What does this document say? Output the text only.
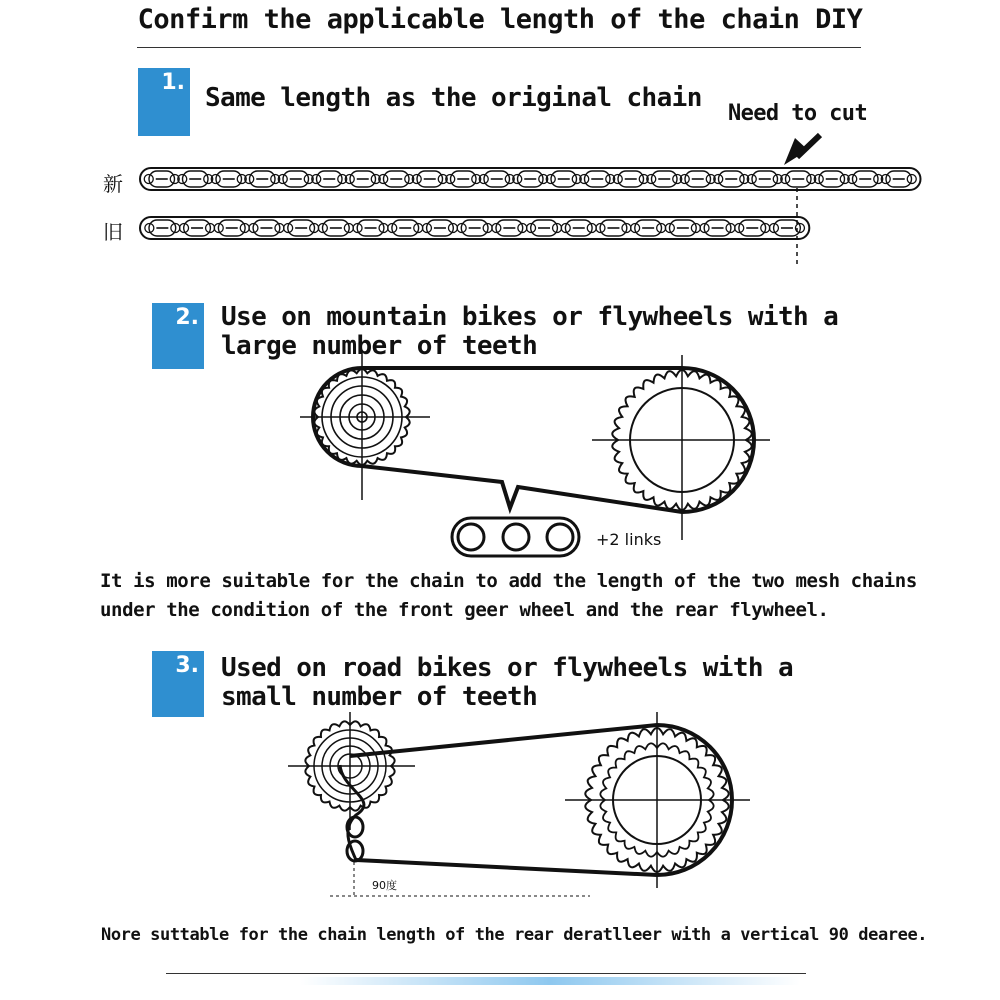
Confirm the applicable length of the chain DIY
1.
Same length as the original chain
Need to cut
新
旧
2. Use on mountain bikes or flywheels with a
large number of teeth
+2 links
It is more suitable for the chain to add the length of the two mesh chains
under the condition of the front geer wheel and the rear flywheel.
3. Used on road bikes or flywheels with a
small number of teeth
90度
Nore suttable for the chain length of the rear deratlleer with a vertical 90 dearee.
